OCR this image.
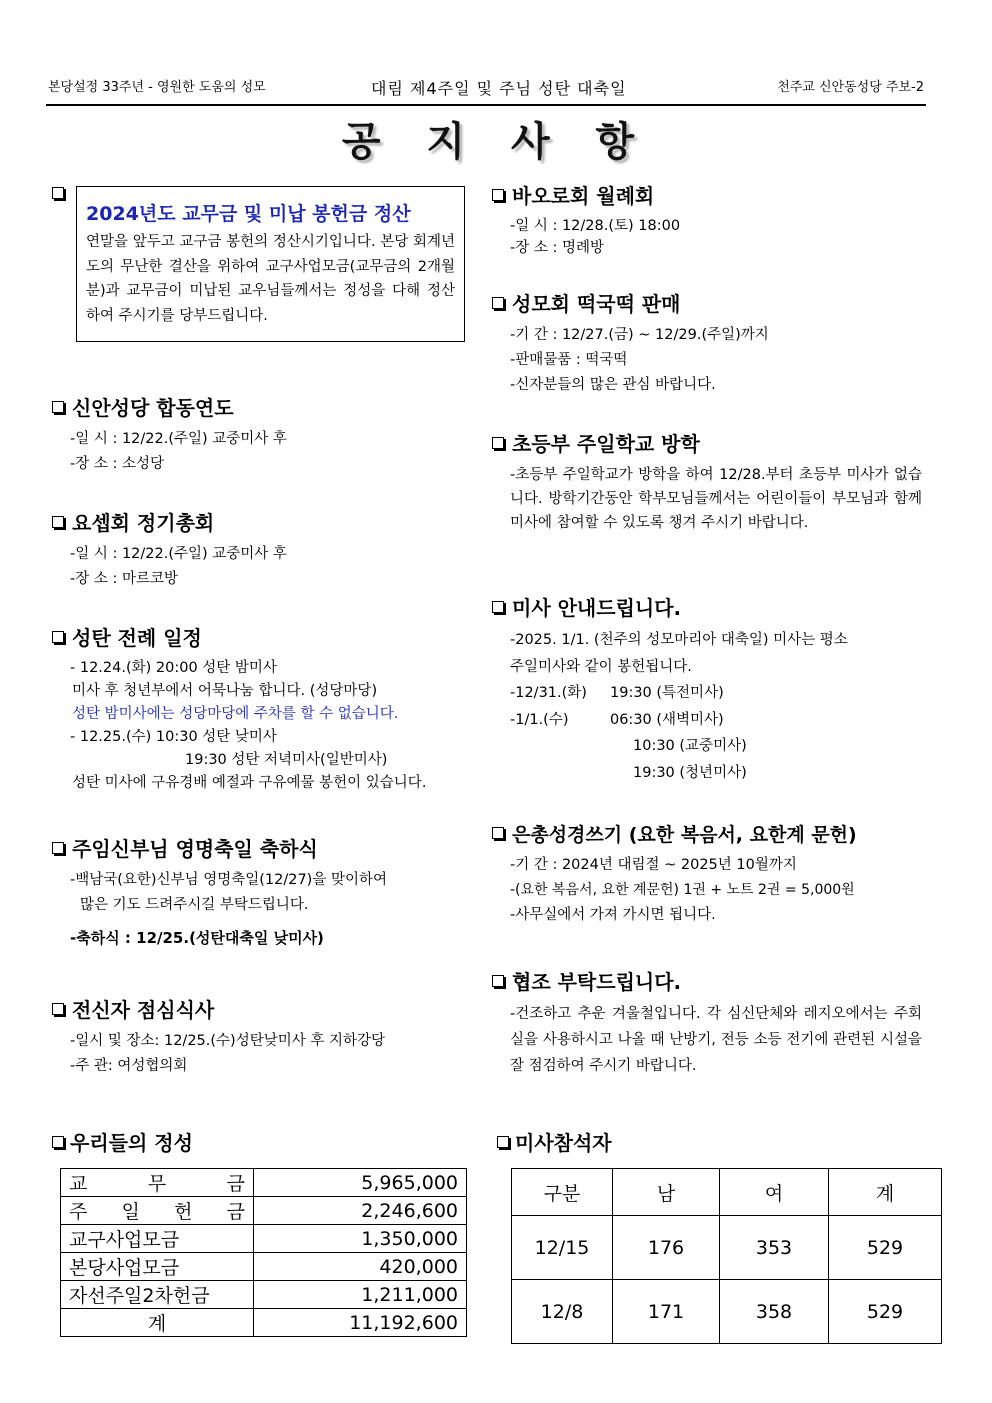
본당설정 33주년 - 영원한 도움의 성모	대림 제4주일 및 주님 성탄 대축일	천주교 신안동성당 주보-2
공 지 사 항
2024년도 교무금 및 미납 봉헌금 정산

연말을 앞두고 교구금 봉헌의 정산시기입니다. 본당 회계년도의 무난한 결산을 위하여 교구사업모금(교무금의 2개월분)과 교무금이 미납된 교우님들께서는 정성을 다해 정산하여 주시기를 당부드립니다.

신안성당 합동연도

-일 시 : 12/22.(주일) 교중미사 후

-장 소 : 소성당

요셉회 정기총회

-일 시 : 12/22.(주일) 교중미사 후

-장 소 : 마르코방

성탄 전례 일정

- 12.24.(화) 20:00 성탄 밤미사

미사 후 청년부에서 어묵나눔 합니다. (성당마당)

성탄 밤미사에는 성당마당에 주차를 할 수 없습니다.

- 12.25.(수) 10:30 성탄 낮미사

19:30 성탄 저녁미사(일반미사)

성탄 미사에 구유경배 예절과 구유예물 봉헌이 있습니다.

주임신부님 영명축일 축하식

-백남국(요한)신부님 영명축일(12/27)을 맞이하여

많은 기도 드려주시길 부탁드립니다.

-축하식 : 12/25.(성탄대축일 낮미사)

전신자 점심식사

-일시 및 장소: 12/25.(수)성탄낮미사 후 지하강당

-주 관: 여성협의회

바오로회 월례회

-일 시 : 12/28.(토) 18:00

-장 소 : 명례방

성모회 떡국떡 판매

-기 간 : 12/27.(금) ~ 12/29.(주일)까지

-판매물품 : 떡국떡

-신자분들의 많은 관심 바랍니다.

초등부 주일학교 방학

-초등부 주일학교가 방학을 하여 12/28.부터 초등부 미사가 없습니다. 방학기간동안 학부모님들께서는 어린이들이 부모님과 함께 미사에 참여할 수 있도록 챙겨 주시기 바랍니다.

미사 안내드립니다.

-2025. 1/1. (천주의 성모마리아 대축일) 미사는 평소

주일미사와 같이 봉헌됩니다.

-12/31.(화)     19:30 (특전미사)

-1/1.(수)         06:30 (새벽미사)

10:30 (교중미사)

19:30 (청년미사)

은총성경쓰기 (요한 복음서, 요한계 문헌)

-기 간 : 2024년 대림절 ~ 2025년 10월까지

-(요한 복음서, 요한 계문헌) 1권 + 노트 2권 = 5,000원

-사무실에서 가져 가시면 됩니다.

협조 부탁드립니다.

-건조하고 추운 겨울철입니다. 각 심신단체와 레지오에서는 주회실을 사용하시고 나올 때 난방기, 전등 소등 전기에 관련된 시설을 잘 점검하여 주시기 바랍니다.

우리들의 정성
교 무 금	5,965,000
주 일 헌 금	2,246,600
교구사업모금	1,350,000
본당사업모금	420,000
자선주일2차헌금	1,211,000
계	11,192,600
미사참석자
구분	남	여	계
12/15	176	353	529
12/8	171	358	529
